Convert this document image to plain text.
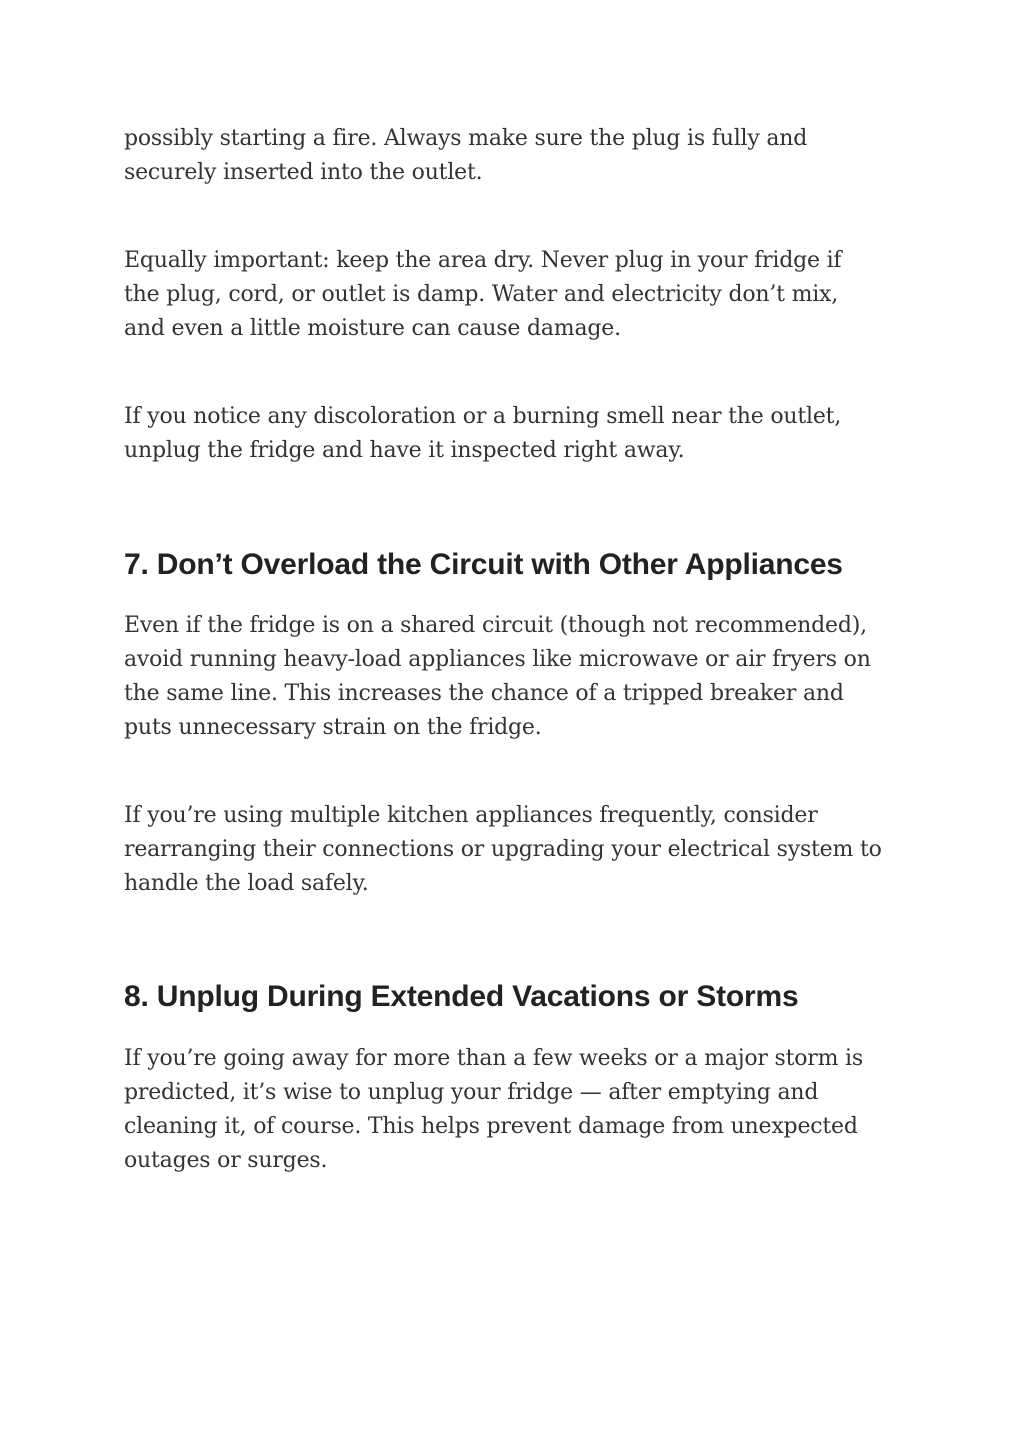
possibly starting a fire. Always make sure the plug is fully and
securely inserted into the outlet.

Equally important: keep the area dry. Never plug in your fridge if
the plug, cord, or outlet is damp. Water and electricity don’t mix,
and even a little moisture can cause damage.

If you notice any discoloration or a burning smell near the outlet,
unplug the fridge and have it inspected right away.

7. Don’t Overload the Circuit with Other Appliances

Even if the fridge is on a shared circuit (though not recommended),
avoid running heavy-load appliances like microwave or air fryers on
the same line. This increases the chance of a tripped breaker and
puts unnecessary strain on the fridge.

If you’re using multiple kitchen appliances frequently, consider
rearranging their connections or upgrading your electrical system to
handle the load safely.

8. Unplug During Extended Vacations or Storms

If you’re going away for more than a few weeks or a major storm is
predicted, it’s wise to unplug your fridge — after emptying and
cleaning it, of course. This helps prevent damage from unexpected
outages or surges.
